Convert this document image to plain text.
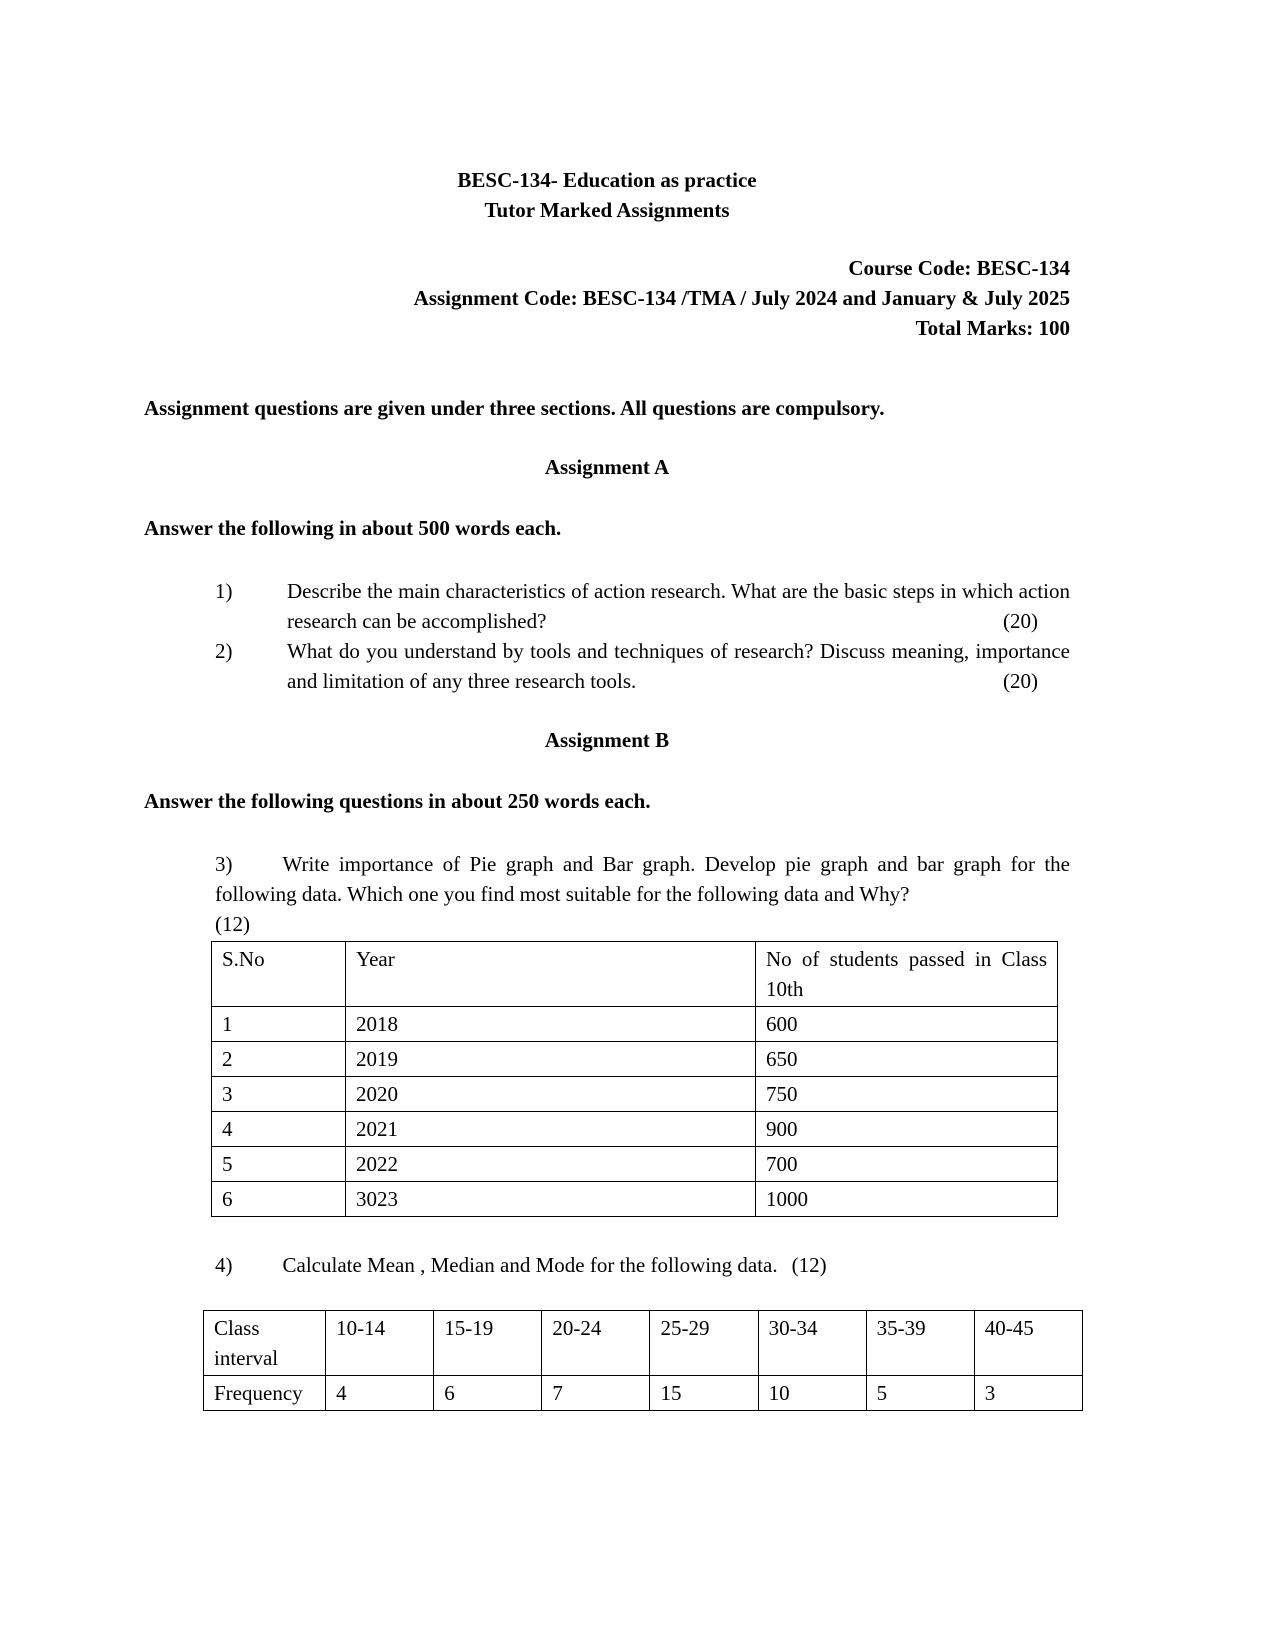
BESC-134- Education as practice
Tutor Marked Assignments
Course Code: BESC-134
Assignment Code: BESC-134 /TMA / July 2024 and January & July 2025
Total Marks: 100
Assignment questions are given under three sections. All questions are compulsory.
Assignment A
Answer the following in about 500 words each.
1)	Describe the main characteristics of action research. What are the basic steps in which action research can be accomplished?	(20)
2)	What do you understand by tools and techniques of research? Discuss meaning, importance and limitation of any three research tools.	(20)
Assignment B
Answer the following questions in about 250 words each.
3) Write importance of Pie graph and Bar graph. Develop pie graph and bar graph for the following data. Which one you find most suitable for the following data and Why?
(12)
S.No	Year	No of students passed in Class 10th
1	2018	600
2	2019	650
3	2020	750
4	2021	900
5	2022	700
6	3023	1000
4) Calculate Mean , Median and Mode for the following data. (12)
Class interval	10-14	15-19	20-24	25-29	30-34	35-39	40-45
Frequency	4	6	7	15	10	5	3
